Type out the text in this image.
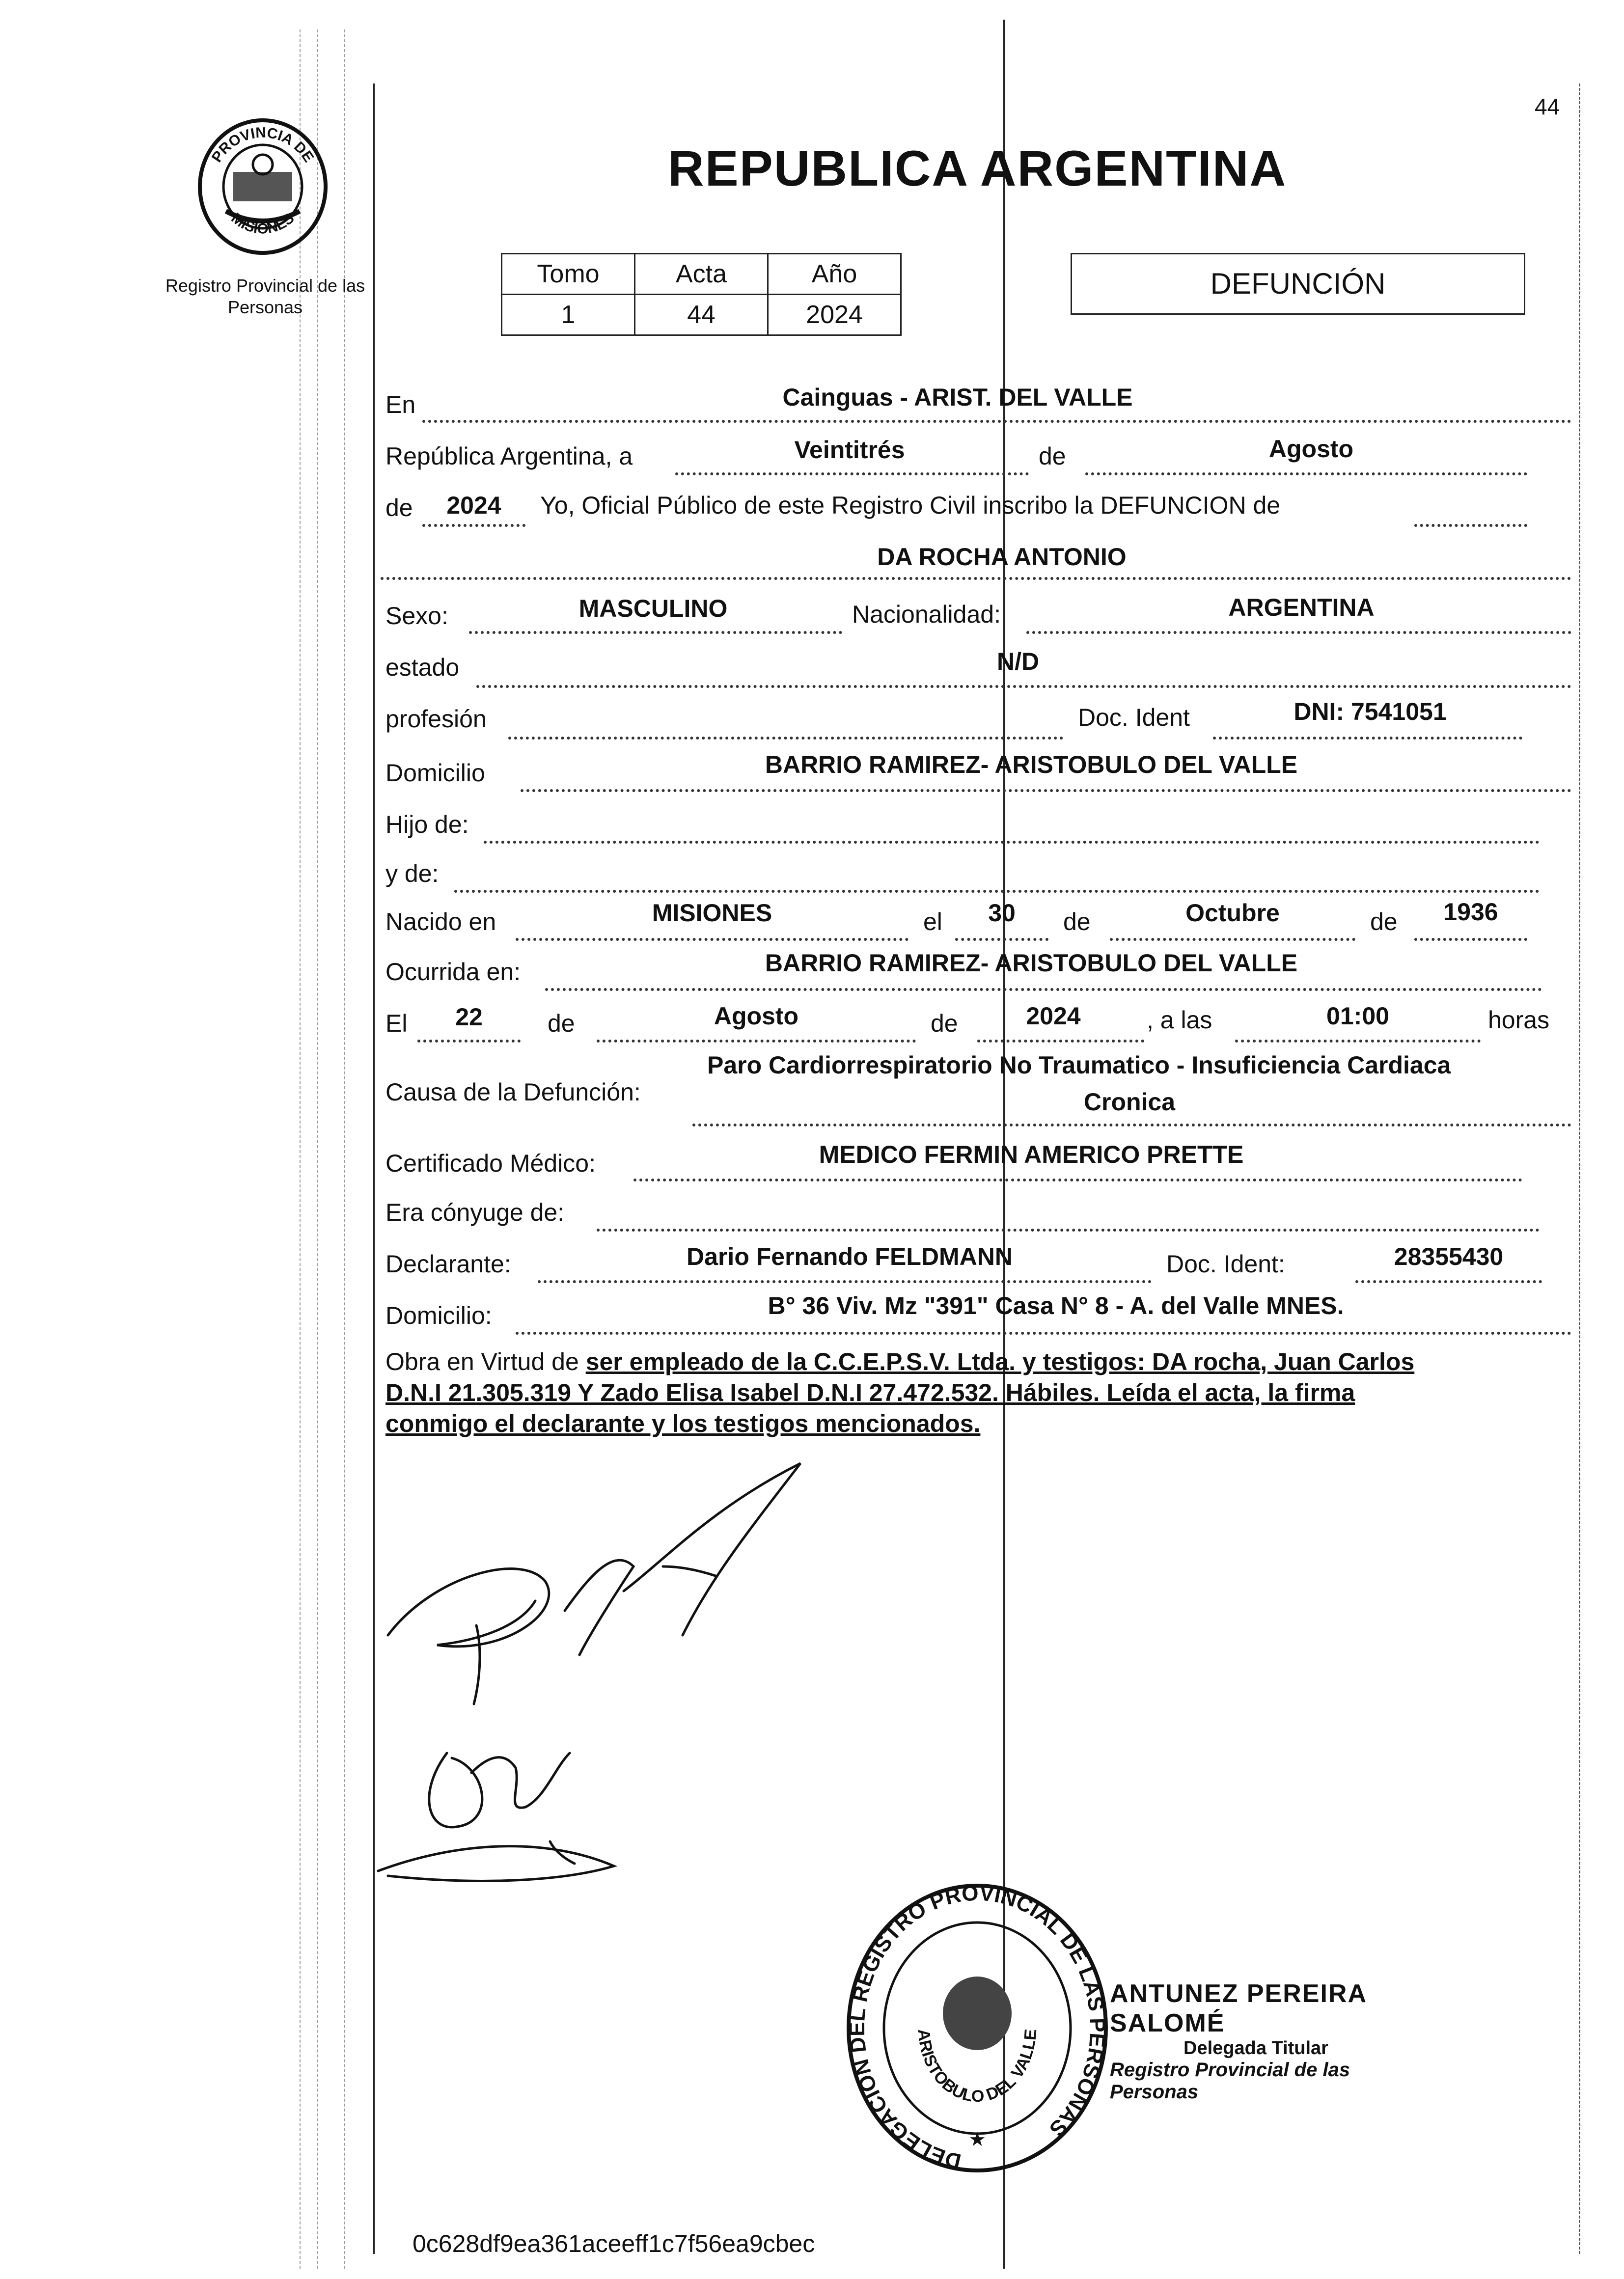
PROVINCIA DE
MISIONES
Registro Provincial de las Personas
44
REPUBLICA ARGENTINA
Tomo	Acta	Año
1	44	2024
DEFUNCIÓN
En	Cainguas - ARIST. DEL VALLE
República Argentina, a	Veintitrés	de	Agosto
de	2024	Yo, Oficial Público de este Registro Civil inscribo la DEFUNCION de
DA ROCHA ANTONIO
Sexo:	MASCULINO	Nacionalidad:	ARGENTINA
estado	N/D
profesión	Doc. Ident	DNI: 7541051
Domicilio	BARRIO RAMIREZ- ARISTOBULO DEL VALLE
Hijo de:
y de:
Nacido en	MISIONES	el	30	de	Octubre	de	1936
Ocurrida en:	BARRIO RAMIREZ- ARISTOBULO DEL VALLE
El	22	de	Agosto	de	2024	, a las	01:00	horas
Causa de la Defunción:
Paro Cardiorrespiratorio No Traumatico - Insuficiencia Cardiaca
Cronica
Certificado Médico:	MEDICO FERMIN AMERICO PRETTE
Era cónyuge de:
Declarante:	Dario Fernando FELDMANN	Doc. Ident:	28355430
Domicilio:	B° 36 Viv. Mz "391" Casa N° 8 - A. del Valle MNES.
Obra en Virtud de ser empleado de la C.C.E.P.S.V. Ltda. y testigos: DA rocha, Juan Carlos
D.N.I 21.305.319 Y Zado Elisa Isabel D.N.I 27.472.532. Hábiles. Leída el acta, la firma
conmigo el declarante y los testigos mencionados.
DELEGACION DEL REGISTRO PROVINCIAL DE LAS PERSONAS
ARISTOBULO DEL VALLE
★
ANTUNEZ PEREIRA SALOMÉ
Delegada Titular
Registro Provincial de las Personas
0c628df9ea361aceeff1c7f56ea9cbec
